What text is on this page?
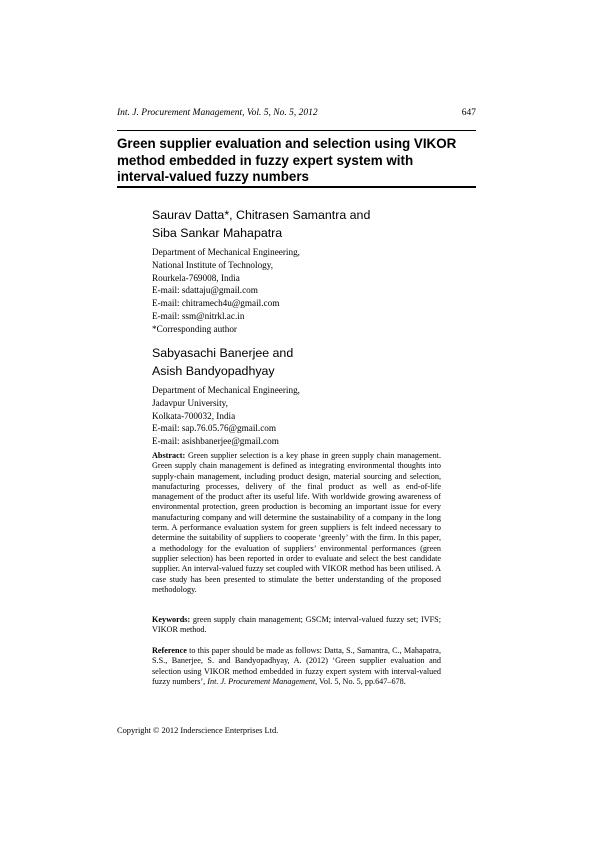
Int. J. Procurement Management, Vol. 5, No. 5, 2012	647
Green supplier evaluation and selection using VIKOR
method embedded in fuzzy expert system with
interval-valued fuzzy numbers
Saurav Datta*, Chitrasen Samantra and
Siba Sankar Mahapatra
Department of Mechanical Engineering,
National Institute of Technology,
Rourkela-769008, India
E-mail: sdattaju@gmail.com
E-mail: chitramech4u@gmail.com
E-mail: ssm@nitrkl.ac.in
*Corresponding author
Sabyasachi Banerjee and
Asish Bandyopadhyay
Department of Mechanical Engineering,
Jadavpur University,
Kolkata-700032, India
E-mail: sap.76.05.76@gmail.com
E-mail: asishbanerjee@gmail.com
Abstract: Green supplier selection is a key phase in green supply chain management. Green supply chain management is defined as integrating environmental thoughts into supply-chain management, including product design, material sourcing and selection, manufacturing processes, delivery of the final product as well as end-of-life management of the product after its useful life. With worldwide growing awareness of environmental protection, green production is becoming an important issue for every manufacturing company and will determine the sustainability of a company in the long term. A performance evaluation system for green suppliers is felt indeed necessary to determine the suitability of suppliers to cooperate ‘greenly’ with the firm. In this paper, a methodology for the evaluation of suppliers’ environmental performances (green supplier selection) has been reported in order to evaluate and select the best candidate supplier. An interval-valued fuzzy set coupled with VIKOR method has been utilised. A case study has been presented to stimulate the better understanding of the proposed methodology.
Keywords: green supply chain management; GSCM; interval-valued fuzzy set; IVFS; VIKOR method.
Reference to this paper should be made as follows: Datta, S., Samantra, C., Mahapatra, S.S., Banerjee, S. and Bandyopadhyay, A. (2012) ‘Green supplier evaluation and selection using VIKOR method embedded in fuzzy expert system with interval-valued fuzzy numbers’, Int. J. Procurement Management, Vol. 5, No. 5, pp.647–678.
Copyright © 2012 Inderscience Enterprises Ltd.
